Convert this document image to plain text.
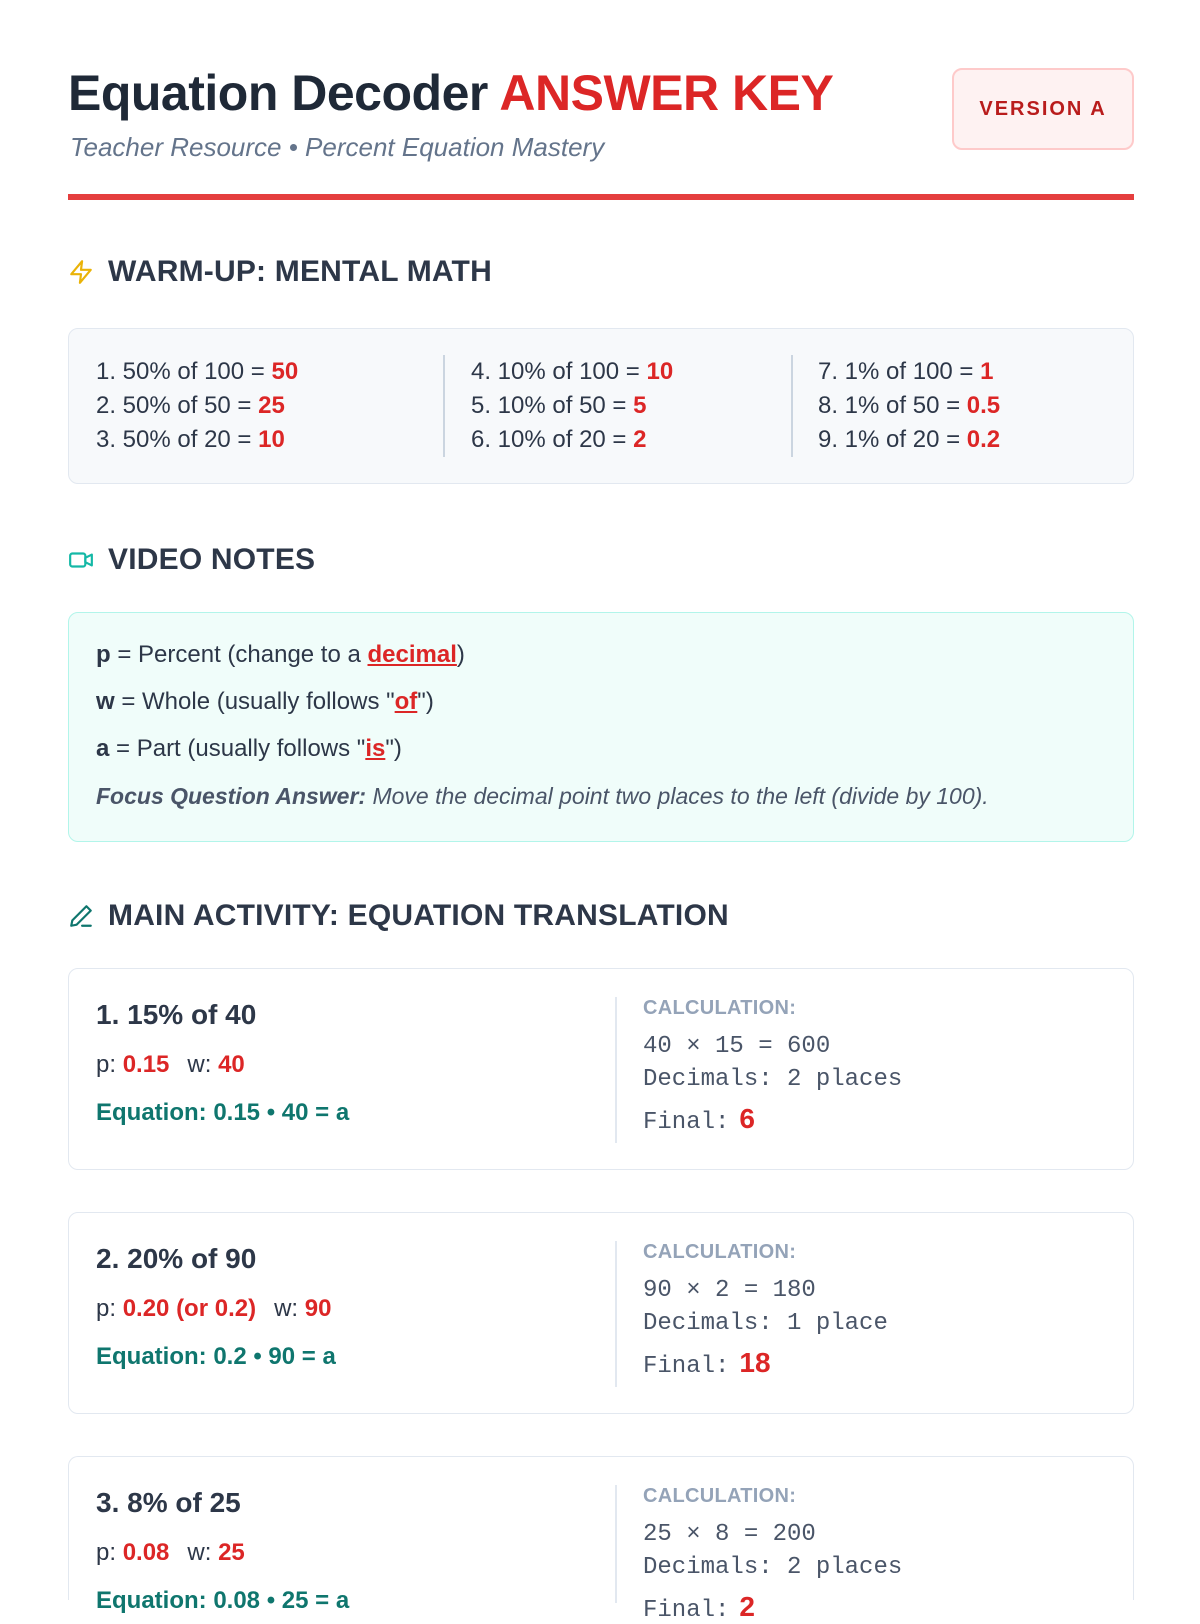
Equation Decoder ANSWER KEY
Teacher Resource • Percent Equation Mastery
VERSION A
WARM-UP: MENTAL MATH
1. 50% of 100 = 50
2. 50% of 50 = 25
3. 50% of 20 = 10
4. 10% of 100 = 10
5. 10% of 50 = 5
6. 10% of 20 = 2
7. 1% of 100 = 1
8. 1% of 50 = 0.5
9. 1% of 20 = 0.2
VIDEO NOTES
p = Percent (change to a decimal)
w = Whole (usually follows "of")
a = Part (usually follows "is")
Focus Question Answer: Move the decimal point two places to the left (divide by 100).
MAIN ACTIVITY: EQUATION TRANSLATION
1. 15% of 40
p: 0.15 w: 40
Equation: 0.15 • 40 = a
CALCULATION:
40 × 15 = 600
Decimals: 2 places
Final: 6
2. 20% of 90
p: 0.20 (or 0.2) w: 90
Equation: 0.2 • 90 = a
CALCULATION:
90 × 2 = 180
Decimals: 1 place
Final: 18
3. 8% of 25
p: 0.08 w: 25
Equation: 0.08 • 25 = a
CALCULATION:
25 × 8 = 200
Decimals: 2 places
Final: 2
